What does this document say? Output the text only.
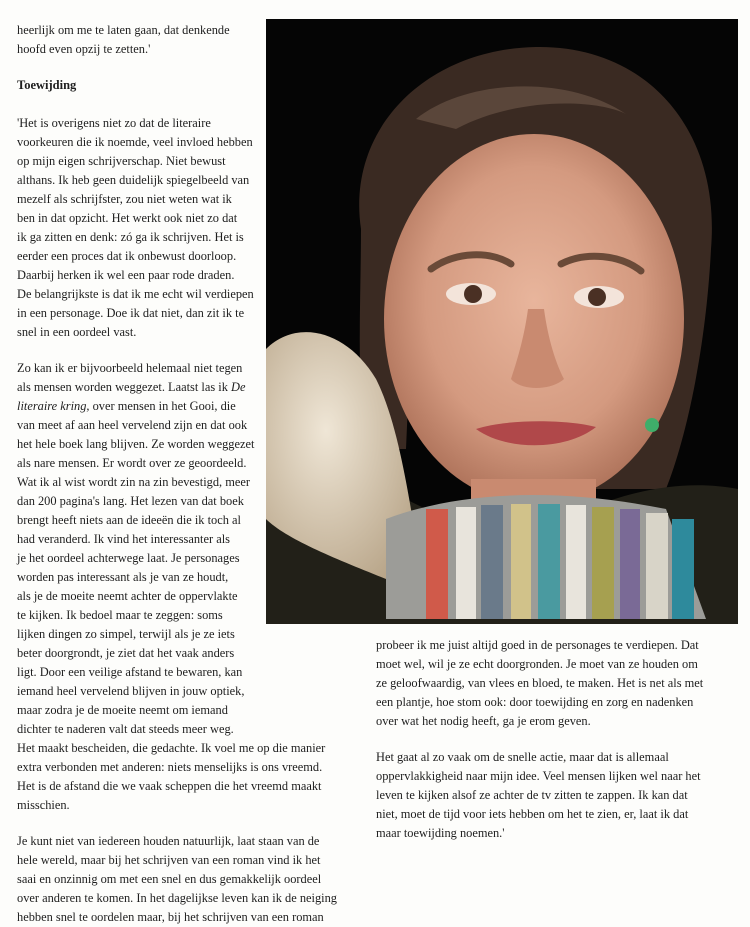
heerlijk om me te laten gaan, dat denkende
hoofd even opzij te zetten.'

Toewijding

'Het is overigens niet zo dat de literaire
voorkeuren die ik noemde, veel invloed hebben
op mijn eigen schrijverschap. Niet bewust
althans. Ik heb geen duidelijk spiegelbeeld van
mezelf als schrijfster, zou niet weten wat ik
ben in dat opzicht. Het werkt ook niet zo dat
ik ga zitten en denk: zó ga ik schrijven. Het is
eerder een proces dat ik onbewust doorloop.
Daarbij herken ik wel een paar rode draden.
De belangrijkste is dat ik me echt wil verdiepen
in een personage. Doe ik dat niet, dan zit ik te
snel in een oordeel vast.

Zo kan ik er bijvoorbeeld helemaal niet tegen
als mensen worden weggezet. Laatst las ik De
literaire kring, over mensen in het Gooi, die
van meet af aan heel vervelend zijn en dat ook
het hele boek lang blijven. Ze worden weggezet
als nare mensen. Er wordt over ze geoordeeld.
Wat ik al wist wordt zin na zin bevestigd, meer
dan 200 pagina's lang. Het lezen van dat boek
brengt heeft niets aan de ideeën die ik toch al
had veranderd. Ik vind het interessanter als
je het oordeel achterwege laat. Je personages
worden pas interessant als je van ze houdt,
als je de moeite neemt achter de oppervlakte
te kijken. Ik bedoel maar te zeggen: soms
lijken dingen zo simpel, terwijl als je ze iets
beter doorgrondt, je ziet dat het vaak anders
ligt. Door een veilige afstand te bewaren, kan
iemand heel vervelend blijven in jouw optiek,
maar zodra je de moeite neemt om iemand
dichter te naderen valt dat steeds meer weg.
Het maakt bescheiden, die gedachte. Ik voel me op die manier
extra verbonden met anderen: niets menselijks is ons vreemd.
Het is de afstand die we vaak scheppen die het vreemd maakt
misschien.

Je kunt niet van iedereen houden natuurlijk, laat staan van de
hele wereld, maar bij het schrijven van een roman vind ik het
saai en onzinnig om met een snel en dus gemakkelijk oordeel
over anderen te komen. In het dagelijkse leven kan ik de neiging
hebben snel te oordelen maar, bij het schrijven van een roman

probeer ik me juist altijd goed in de personages te verdiepen. Dat
moet wel, wil je ze echt doorgronden. Je moet van ze houden om
ze geloofwaardig, van vlees en bloed, te maken. Het is net als met
een plantje, hoe stom ook: door toewijding en zorg en nadenken
over wat het nodig heeft, ga je erom geven.

Het gaat al zo vaak om de snelle actie, maar dat is allemaal
oppervlakkigheid naar mijn idee. Veel mensen lijken wel naar het
leven te kijken alsof ze achter de tv zitten te zappen. Ik kan dat
niet, moet de tijd voor iets hebben om het te zien, er, laat ik dat
maar toewijding noemen.'
